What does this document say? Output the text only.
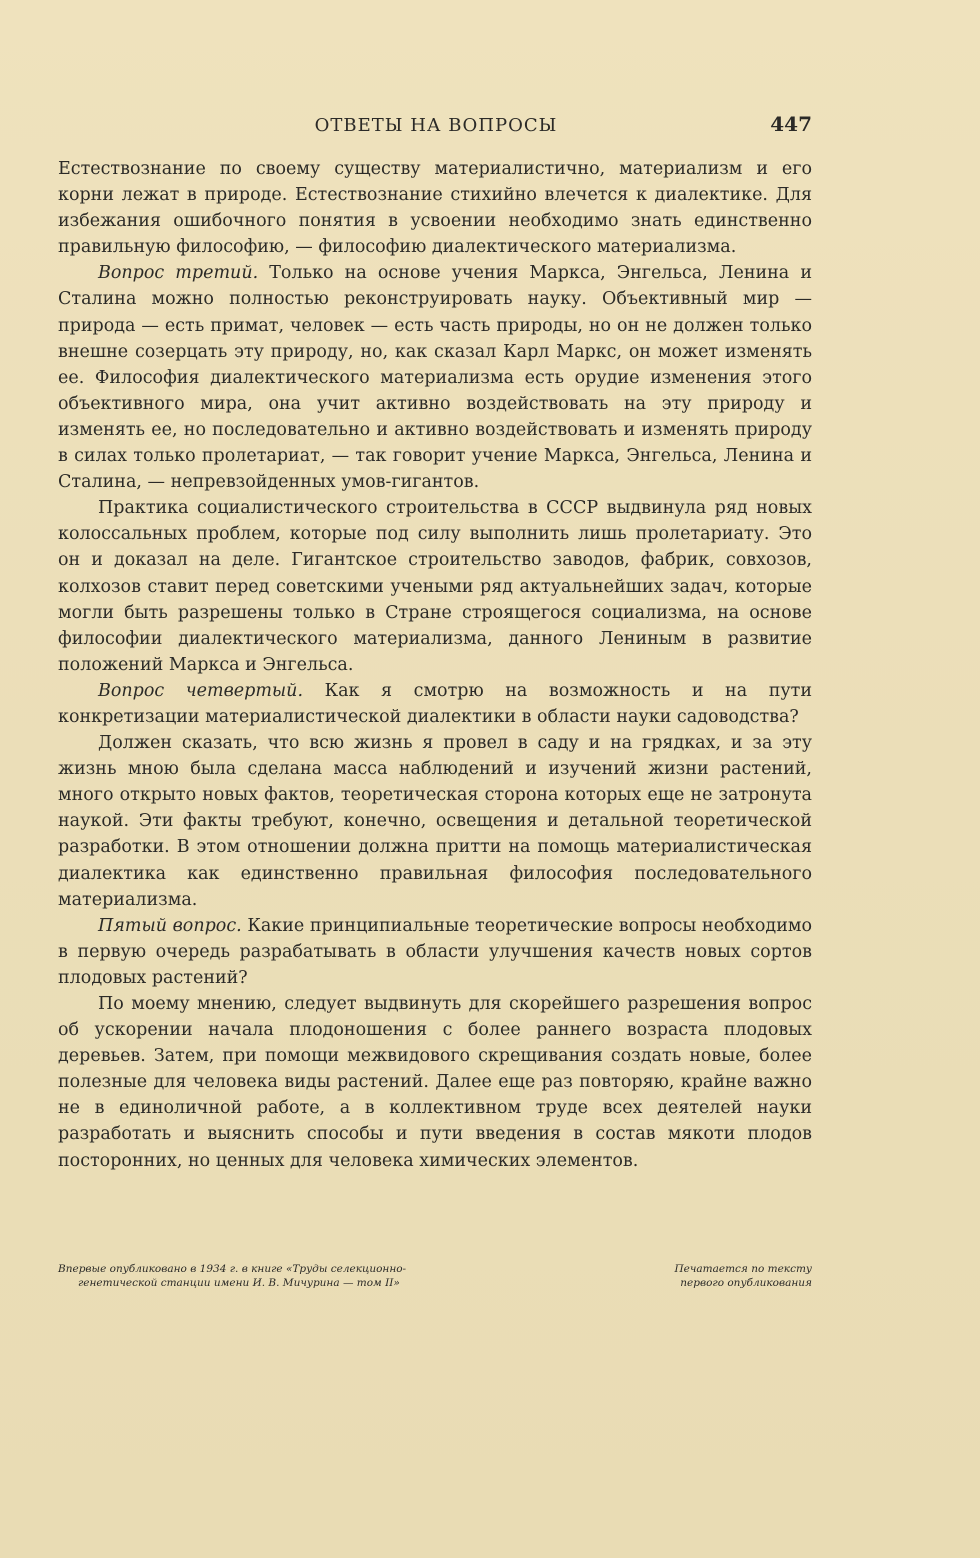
ОТВЕТЫ НА ВОПРОСЫ	447

Естествознание по своему существу материалистично, материализм и его корни лежат в природе. Естествознание стихийно влечется к диалектике. Для избежания ошибочного понятия в усвоении необходимо знать единственно правильную философию, — философию диалектического материализма.

Вопрос третий. Только на основе учения Маркса, Энгельса, Ленина и Сталина можно полностью реконструировать науку. Объективный мир — природа — есть примат, человек — есть часть природы, но он не должен только внешне созерцать эту природу, но, как сказал Карл Маркс, он может изменять ее. Философия диалектического материализма есть орудие изменения этого объективного мира, она учит активно воздействовать на эту природу и изменять ее, но последовательно и активно воздействовать и изменять природу в силах только пролетариат, — так говорит учение Маркса, Энгельса, Ленина и Сталина, — непревзойденных умов-гигантов.

Практика социалистического строительства в СССР выдвинула ряд новых колоссальных проблем, которые под силу выполнить лишь пролетариату. Это он и доказал на деле. Гигантское строительство заводов, фабрик, совхозов, колхозов ставит перед советскими учеными ряд актуальнейших задач, которые могли быть разрешены только в Стране строящегося социализма, на основе философии диалектического материализма, данного Лениным в развитие положений Маркса и Энгельса.

Вопрос четвертый. Как я смотрю на возможность и на пути конкретизации материалистической диалектики в области науки садоводства?

Должен сказать, что всю жизнь я провел в саду и на грядках, и за эту жизнь мною была сделана масса наблюдений и изучений жизни растений, много открыто новых фактов, теоретическая сторона которых еще не затронута наукой. Эти факты требуют, конечно, освещения и детальной теоретической разработки. В этом отношении должна притти на помощь материалистическая диалектика как единственно правильная философия последовательного материализма.

Пятый вопрос. Какие принципиальные теоретические вопросы необходимо в первую очередь разрабатывать в области улучшения качеств новых сортов плодовых растений?

По моему мнению, следует выдвинуть для скорейшего разрешения вопрос об ускорении начала плодоношения с более раннего возраста плодовых деревьев. Затем, при помощи межвидового скрещивания создать новые, более полезные для человека виды растений. Далее еще раз повторяю, крайне важно не в единоличной работе, а в коллективном труде всех деятелей науки разработать и выяснить способы и пути введения в состав мякоти плодов посторонних, но ценных для человека химических элементов.

Впервые опубликовано в 1934 г. в книге «Труды селекционно-
генетической станции имени И. В. Мичурина — том II»
Печатается по тексту
первого опубликования
